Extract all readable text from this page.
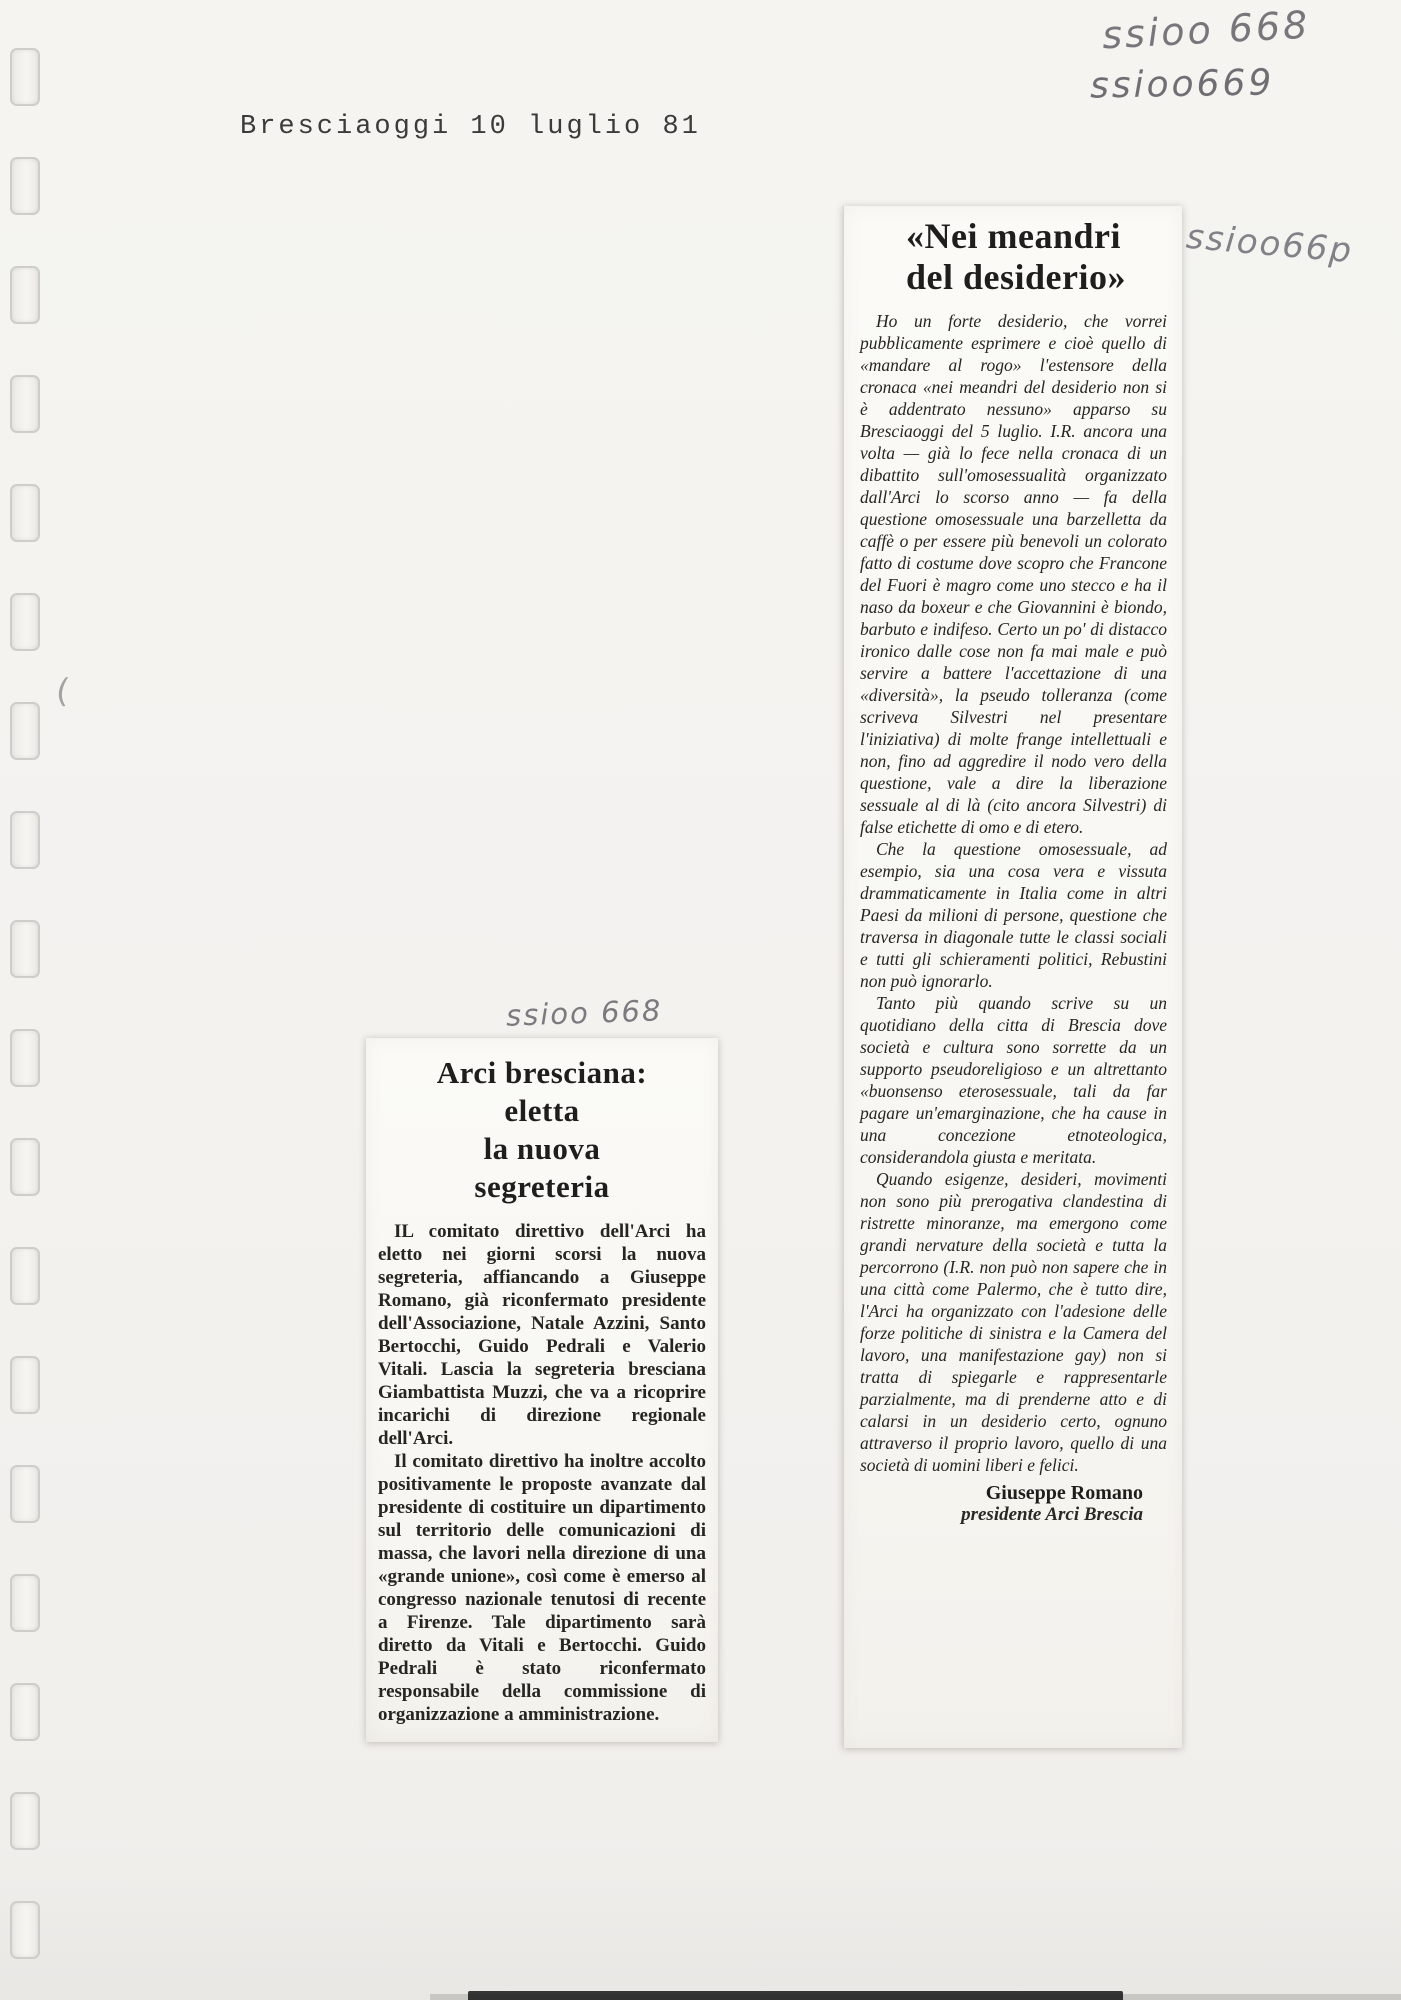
Bresciaoggi 10 luglio 81
ssioo 668
ssioo669
ssioo66p
ssioo 668
(
«Nei meandri
del desiderio»

Ho un forte desiderio, che vorrei pubblicamente esprimere e cioè quello di «mandare al rogo» l'estensore della cronaca «nei meandri del desiderio non si è addentrato nessuno» apparso su Bresciaoggi del 5 luglio. I.R. ancora una volta — già lo fece nella cronaca di un dibattito sull'omosessualità organizzato dall'Arci lo scorso anno — fa della questione omosessuale una barzelletta da caffè o per essere più benevoli un colorato fatto di costume dove scopro che Francone del Fuori è magro come uno stecco e ha il naso da boxeur e che Giovannini è biondo, barbuto e indifeso. Certo un po' di distacco ironico dalle cose non fa mai male e può servire a battere l'accettazione di una «diversità», la pseudo tolleranza (come scriveva Silvestri nel presentare l'iniziativa) di molte frange intellettuali e non, fino ad aggredire il nodo vero della questione, vale a dire la liberazione sessuale al di là (cito ancora Silvestri) di false etichette di omo e di etero.

Che la questione omosessuale, ad esempio, sia una cosa vera e vissuta drammaticamente in Italia come in altri Paesi da milioni di persone, questione che traversa in diagonale tutte le classi sociali e tutti gli schieramenti politici, Rebustini non può ignorarlo.

Tanto più quando scrive su un quotidiano della citta di Brescia dove società e cultura sono sorrette da un supporto pseudoreligioso e un altrettanto «buonsenso eterosessuale, tali da far pagare un'emarginazione, che ha cause in una concezione etnoteologica, considerandola giusta e meritata.

Quando esigenze, desideri, movimenti non sono più prerogativa clandestina di ristrette minoranze, ma emergono come grandi nervature della società e tutta la percorrono (I.R. non può non sapere che in una città come Palermo, che è tutto dire, l'Arci ha organizzato con l'adesione delle forze politiche di sinistra e la Camera del lavoro, una manifestazione gay) non si tratta di spiegarle e rappresentarle parzialmente, ma di prenderne atto e di calarsi in un desiderio certo, ognuno attraverso il proprio lavoro, quello di una società di uomini liberi e felici.

Giuseppe Romano
presidente Arci Brescia
Arci bresciana:
eletta
la nuova
segreteria

IL comitato direttivo dell'Arci ha eletto nei giorni scorsi la nuova segreteria, affiancando a Giuseppe Romano, già riconfermato presidente dell'Associazione, Natale Azzini, Santo Bertocchi, Guido Pedrali e Valerio Vitali. Lascia la segreteria bresciana Giambattista Muzzi, che va a ricoprire incarichi di direzione regionale dell'Arci.

Il comitato direttivo ha inoltre accolto positivamente le proposte avanzate dal presidente di costituire un dipartimento sul territorio delle comunicazioni di massa, che lavori nella direzione di una «grande unione», così come è emerso al congresso nazionale tenutosi di recente a Firenze. Tale dipartimento sarà diretto da Vitali e Bertocchi. Guido Pedrali è stato riconfermato responsabile della commissione di organizzazione a amministrazione.
